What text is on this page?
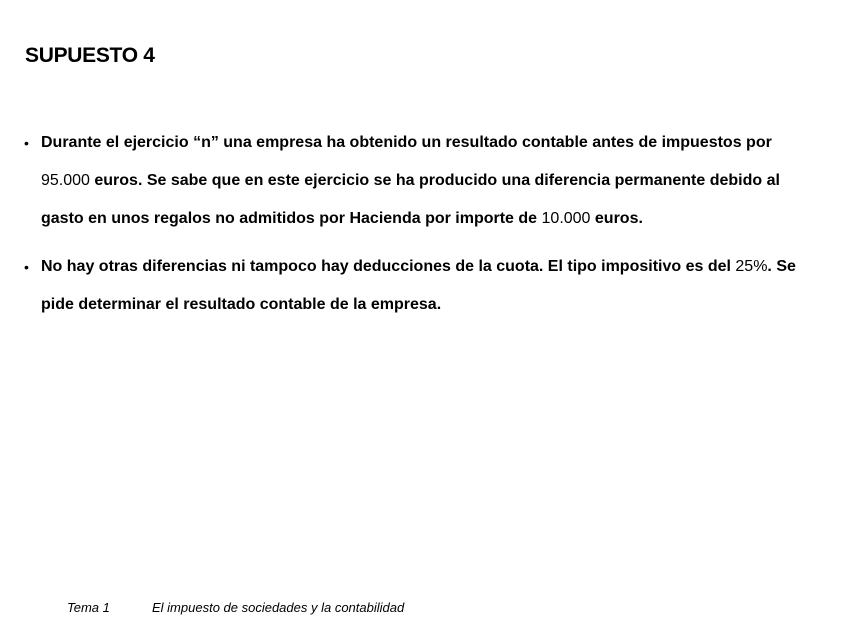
SUPUESTO 4
• Durante el ejercicio “n” una empresa ha obtenido un resultado contable antes de impuestos por 95.000 euros. Se sabe que en este ejercicio se ha producido una diferencia permanente debido al gasto en unos regalos no admitidos por Hacienda por importe de 10.000 euros.
• No hay otras diferencias ni tampoco hay deducciones de la cuota. El tipo impositivo es del 25%. Se pide determinar el resultado contable de la empresa.
Tema 1	El impuesto de sociedades y la contabilidad
